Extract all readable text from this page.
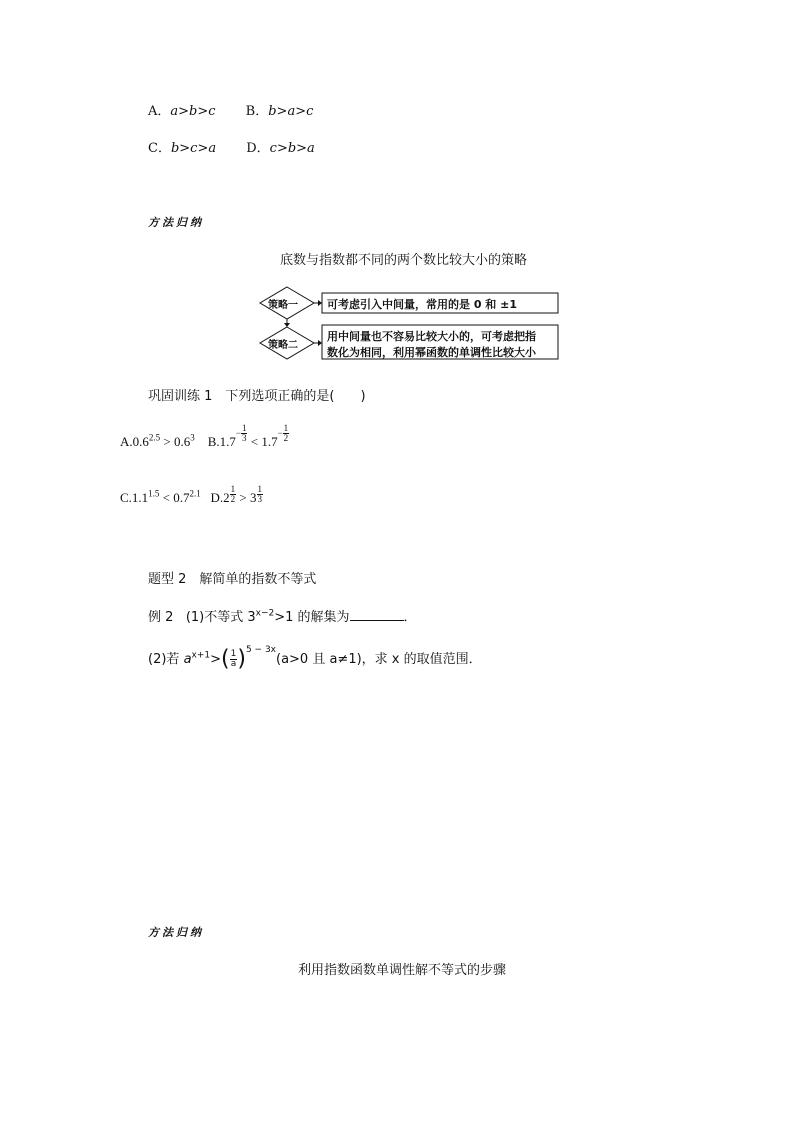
A．a>b>c B．b>a>c
C．b>c>a D．c>b>a
方法归纳
底数与指数都不同的两个数比较大小的策略
策略一
策略二
可考虑引入中间量，常用的是 0 和 ±1
用中间量也不容易比较大小的，可考虑把指
数化为相同，利用幂函数的单调性比较大小
巩固训练 1　下列选项正确的是(　　)
$A.0.6^{2.5} > 0.6^3$ B.1.7
− $\frac{1}{3} < 1.7$
− $\frac{1}{2}$
$C.1.1^{1.5} < 0.7^{2.1}$ $D.2 \frac{1}{2} > 3 \frac{1}{3}$
题型 2　解简单的指数不等式
例 2 (1)不等式 $3^{x-2}>1$ 的解集为	．
(2)若 $a^{x+1}>( \frac{1}{a} )^{5 - 3x}(a>0$ 且 a≠1)，求 x 的取值范围．
方法归纳
利用指数函数单调性解不等式的步骤
